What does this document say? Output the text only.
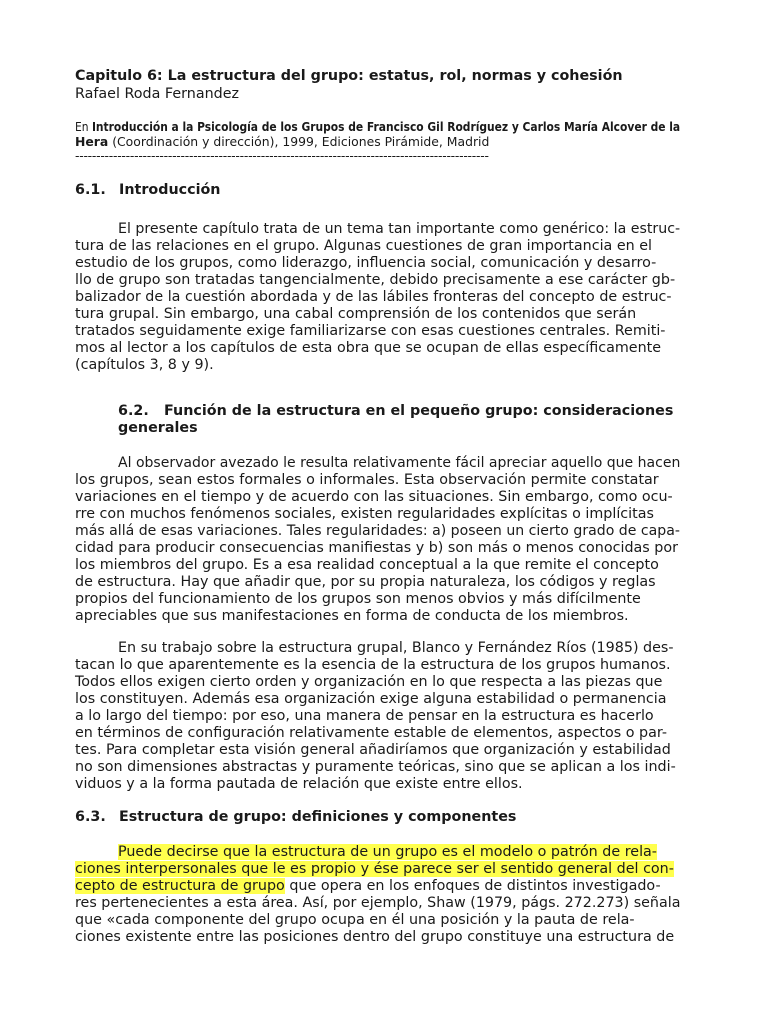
Capitulo 6: La estructura del grupo: estatus, rol, normas y cohesión
Rafael Roda Fernandez
En Introducción a la Psicología de los Grupos de Francisco Gil Rodríguez y Carlos María Alcover de la
Hera (Coordinación y dirección), 1999, Ediciones Pirámide, Madrid
--------------------------------------------------------------------------------------------------
6.1. Introducción
El presente capítulo trata de un tema tan importante como genérico: la estruc-
tura de las relaciones en el grupo. Algunas cuestiones de gran importancia en el
estudio de los grupos, como liderazgo, influencia social, comunicación y desarro-
llo de grupo son tratadas tangencialmente, debido precisamente a ese carácter gb-
balizador de la cuestión abordada y de las lábiles fronteras del concepto de estruc-
tura grupal. Sin embargo, una cabal comprensión de los contenidos que serán
tratados seguidamente exige familiarizarse con esas cuestiones centrales. Remiti-
mos al lector a los capítulos de esta obra que se ocupan de ellas específicamente
(capítulos 3, 8 y 9).
6.2. Función de la estructura en el pequeño grupo: consideraciones
generales
Al observador avezado le resulta relativamente fácil apreciar aquello que hacen
los grupos, sean estos formales o informales. Esta observación permite constatar
variaciones en el tiempo y de acuerdo con las situaciones. Sin embargo, como ocu-
rre con muchos fenómenos sociales, existen regularidades explícitas o implícitas
más allá de esas variaciones. Tales regularidades: a) poseen un cierto grado de capa-
cidad para producir consecuencias manifiestas y b) son más o menos conocidas por
los miembros del grupo. Es a esa realidad conceptual a la que remite el concepto
de estructura. Hay que añadir que, por su propia naturaleza, los códigos y reglas
propios del funcionamiento de los grupos son menos obvios y más difícilmente
apreciables que sus manifestaciones en forma de conducta de los miembros.
En su trabajo sobre la estructura grupal, Blanco y Fernández Ríos (1985) des-
tacan lo que aparentemente es la esencia de la estructura de los grupos humanos.
Todos ellos exigen cierto orden y organización en lo que respecta a las piezas que
los constituyen. Además esa organización exige alguna estabilidad o permanencia
a lo largo del tiempo: por eso, una manera de pensar en la estructura es hacerlo
en términos de configuración relativamente estable de elementos, aspectos o par-
tes. Para completar esta visión general añadiríamos que organización y estabilidad
no son dimensiones abstractas y puramente teóricas, sino que se aplican a los indi-
viduos y a la forma pautada de relación que existe entre ellos.
6.3. Estructura de grupo: definiciones y componentes
Puede decirse que la estructura de un grupo es el modelo o patrón de rela-
ciones interpersonales que le es propio y ése parece ser el sentido general del con-
cepto de estructura de grupo que opera en los enfoques de distintos investigado-
res pertenecientes a esta área. Así, por ejemplo, Shaw (1979, págs. 272.273) señala
que «cada componente del grupo ocupa en él una posición y la pauta de rela-
ciones existente entre las posiciones dentro del grupo constituye una estructura de
